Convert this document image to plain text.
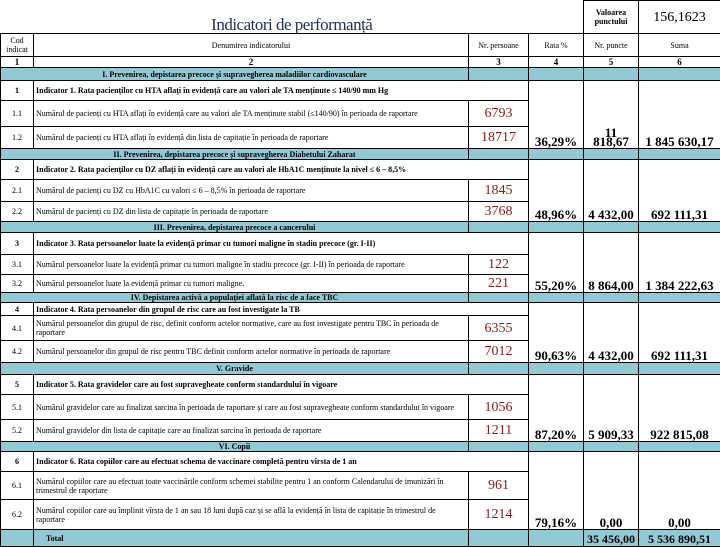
Indicatori de performanță				Valoarea punctului	156,1623
Cod indicat	Denumirea indicatorului	Nr. persoane	Rata %	Nr. puncte	Suma
1	2	3	4	5	6
I. Prevenirea, depistarea precoce și supravegherea maladiilor cardiovasculare					
1	Indicator 1. Rata pacienților cu HTA aflați în evidență care au valori ale TA menținute ≤ 140/90 mm Hg		36,29%	11 818,67	1 845 630,17
1.1	Numărul de pacienți cu HTA aflați în evidență care au valori ale TA menținute stabil (≤140/90) în perioada de raportare	6793			
1.2	Numărul de pacienți cu HTA aflați în evidență din lista de capitație în perioada de raportare	18717			
II. Prevenirea, depistarea precoce și supravegherea Diabetului Zaharat					
2	Indicator 2. Rata pacienților cu DZ aflați în evidență care au valori ale HbA1C menținute la nivel ≤ 6 – 8,5%		48,96%	4 432,00	692 111,31
2.1	Numărul de pacienți cu DZ cu HbA1C cu valori ≤ 6 – 8,5% în perioada de raportare	1845			
2.2	Numărul de pacienți cu DZ din lista de capitație în perioada de raportare	3768			
III. Prevenirea, depistarea precoce a cancerului					
3	Indicator 3. Rata persoanelor luate la evidență primar cu tumori maligne în stadiu precoce (gr. I-II)		55,20%	8 864,00	1 384 222,63
3.1	Numărul persoanelor luate la evidență primar cu tumori maligne în stadiu precoce (gr. I-II) în perioada de raportare	122			
3.2	Numărul persoanelor luate la evidență primar cu tumori maligne.	221			
IV. Depistarea activă a populației aflată la risc de a face TBC					
4	Indicator 4. Rata persoanelor din grupul de risc care au fost investigate la TB		90,63%	4 432,00	692 111,31
4.1	Numărul persoanelor din grupul de risc, definit conform actelor normative, care au fost investigate pentru TBC în perioada de raportare	6355			
4.2	Numărul persoanelor din grupul de risc pentru TBC definit conform actelor normative în perioada de raportare	7012			
V. Gravide					
5	Indicator 5. Rata gravidelor care au fost supravegheate conform standardului în vigoare		87,20%	5 909,33	922 815,08
5.1	Numărul gravidelor care au finalizat sarcina în perioada de raportare și care au fost supravegheate conform standardului în vigoare	1056			
5.2	Numărul gravidelor din lista de capitație care au finalizat sarcina în perioada de raportare	1211			
VI. Copii					
6	Indicator 6. Rata copiilor care au efectuat schema de vaccinare completă pentru vîrsta de 1 an		79,16%	0,00	0,00
6.1	Numărul copiilor care au efectuat toate vaccinările conform schemei stabilite pentru 1 an conform Calendarului de imunizări în trimestrul de raportare	961			
6.2	Numărul copiilor care au împlinit vîrsta de 1 an sau 18 luni după caz și se află la evidență în lista de capitație în trimestrul de raportare	1214			
	Total			35 456,00	5 536 890,51
